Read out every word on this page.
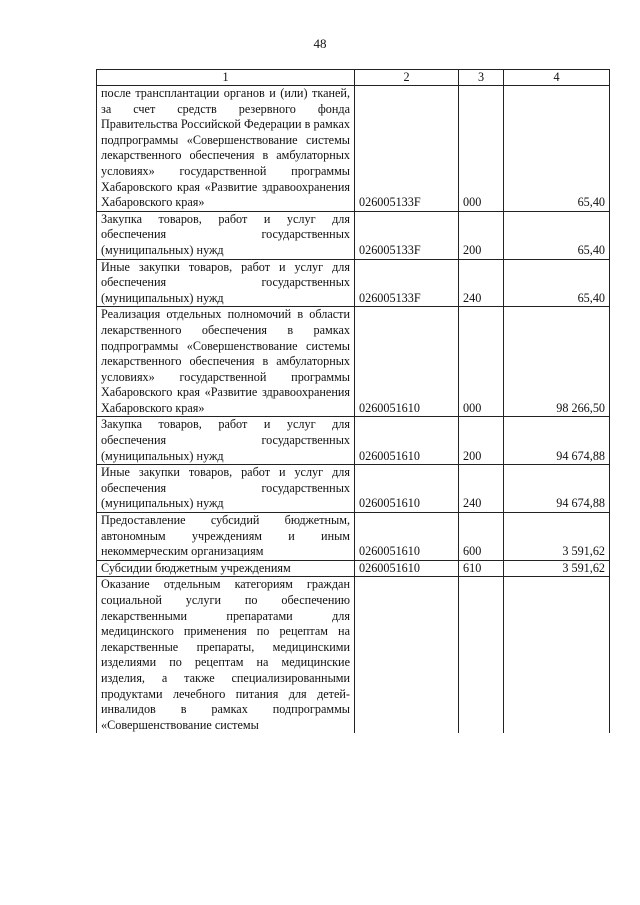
48
1	2	3	4
после трансплантации органов и (или) тканей, за счет средств резервного фонда Правительства Российской Федерации в рамках подпрограммы «Совершенствование системы лекарственного обеспечения в амбулаторных условиях» государственной программы Хабаровского края «Развитие здравоохранения Хабаровского края»	026005133F	000	65,40
Закупка товаров, работ и услуг для обеспечения государственных (муниципальных) нужд	026005133F	200	65,40
Иные закупки товаров, работ и услуг для обеспечения государственных (муниципальных) нужд	026005133F	240	65,40
Реализация отдельных полномочий в области лекарственного обеспечения в рамках подпрограммы «Совершенствование системы лекарственного обеспечения в амбулаторных условиях» государственной программы Хабаровского края «Развитие здравоохранения Хабаровского края»	0260051610	000	98 266,50
Закупка товаров, работ и услуг для обеспечения государственных (муниципальных) нужд	0260051610	200	94 674,88
Иные закупки товаров, работ и услуг для обеспечения государственных (муниципальных) нужд	0260051610	240	94 674,88
Предоставление субсидий бюджетным, автономным учреждениям и иным некоммерческим организациям	0260051610	600	3 591,62
Субсидии бюджетным учреждениям	0260051610	610	3 591,62
Оказание отдельным категориям граждан социальной услуги по обеспечению лекарственными препаратами для медицинского применения по рецептам на лекарственные препараты, медицинскими изделиями по рецептам на медицинские изделия, а также специализированными продуктами лечебного питания для детей-инвалидов в рамках подпрограммы «Совершенствование системы			
